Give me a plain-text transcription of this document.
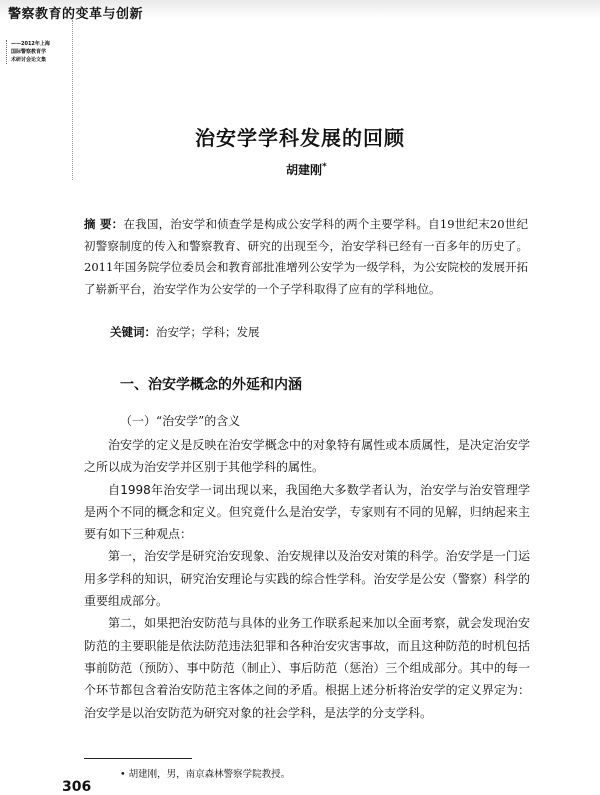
警察教育的变革与创新
——2012年上海
国际警察教育学
术研讨会论文集
治安学学科发展的回顾
胡建刚*
摘 要：在我国，治安学和侦查学是构成公安学科的两个主要学科。自19世纪末20世纪初警察制度的传入和警察教育、研究的出现至今，治安学科已经有一百多年的历史了。2011年国务院学位委员会和教育部批准增列公安学为一级学科，为公安院校的发展开拓了崭新平台，治安学作为公安学的一个子学科取得了应有的学科地位。
关键词：治安学；学科；发展
一、治安学概念的外延和内涵
（一）“治安学”的含义

治安学的定义是反映在治安学概念中的对象特有属性或本质属性，是决定治安学之所以成为治安学并区别于其他学科的属性。

自1998年治安学一词出现以来，我国绝大多数学者认为，治安学与治安管理学是两个不同的概念和定义。但究竟什么是治安学，专家则有不同的见解，归纳起来主要有如下三种观点：

第一，治安学是研究治安现象、治安规律以及治安对策的科学。治安学是一门运用多学科的知识，研究治安理论与实践的综合性学科。治安学是公安（警察）科学的重要组成部分。

第二，如果把治安防范与具体的业务工作联系起来加以全面考察，就会发现治安防范的主要职能是依法防范违法犯罪和各种治安灾害事故，而且这种防范的时机包括事前防范（预防）、事中防范（制止）、事后防范（惩治）三个组成部分。其中的每一个环节都包含着治安防范主客体之间的矛盾。根据上述分析将治安学的定义界定为：治安学是以治安防范为研究对象的社会学科，是法学的分支学科。

• 胡建刚，男，南京森林警察学院教授。
306
